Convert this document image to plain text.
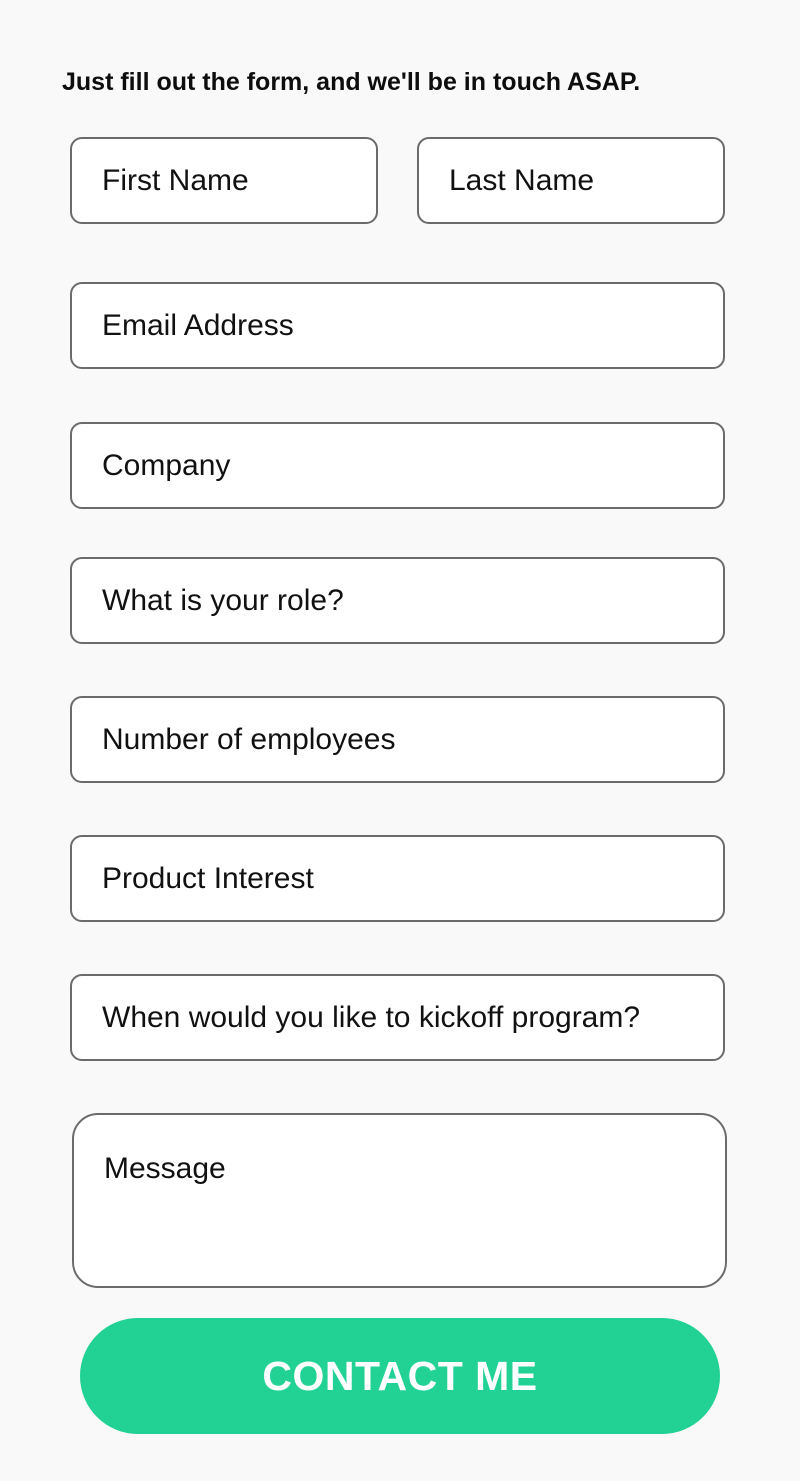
Just fill out the form, and we'll be in touch ASAP.
First Name
Last Name
Email Address
Company
What is your role?
Number of employees
Product Interest
When would you like to kickoff program?
Message
CONTACT ME
